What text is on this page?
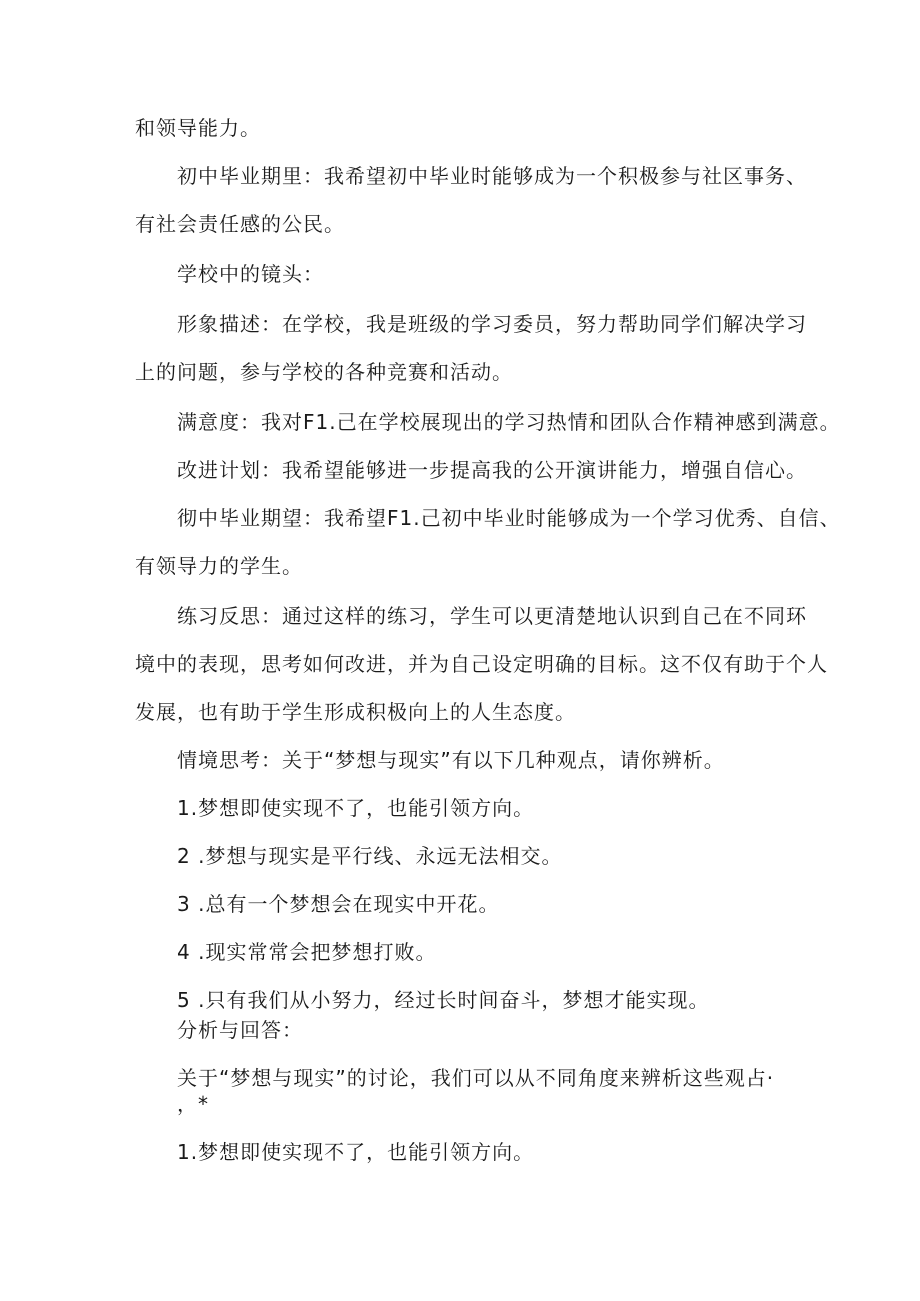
和领导能力。
初中毕业期里：我希望初中毕业时能够成为一个积极参与社区事务、
有社会责任感的公民。
学校中的镜头：
形象描述：在学校，我是班级的学习委员，努力帮助同学们解决学习
上的问题，参与学校的各种竞赛和活动。
满意度：我对F1.己在学校展现出的学习热情和团队合作精神感到满意。
改进计划：我希望能够进一步提高我的公开演讲能力，增强自信心。
彻中毕业期望：我希望F1.己初中毕业时能够成为一个学习优秀、自信、
有领导力的学生。
练习反思：通过这样的练习，学生可以更清楚地认识到自己在不同环
境中的表现，思考如何改进，并为自己设定明确的目标。这不仅有助于个人
发展，也有助于学生形成积极向上的人生态度。
情境思考：关于“梦想与现实”有以下几种观点，请你辨析。
1.梦想即使实现不了，也能引领方向。
2 .梦想与现实是平行线、永远无法相交。
3 .总有一个梦想会在现实中开花。
4 .现实常常会把梦想打败。
5 .只有我们从小努力，经过长时间奋斗，梦想才能实现。
分析与回答：
关于“梦想与现实”的讨论，我们可以从不同角度来辨析这些观占·
，*
1.梦想即使实现不了，也能引领方向。
